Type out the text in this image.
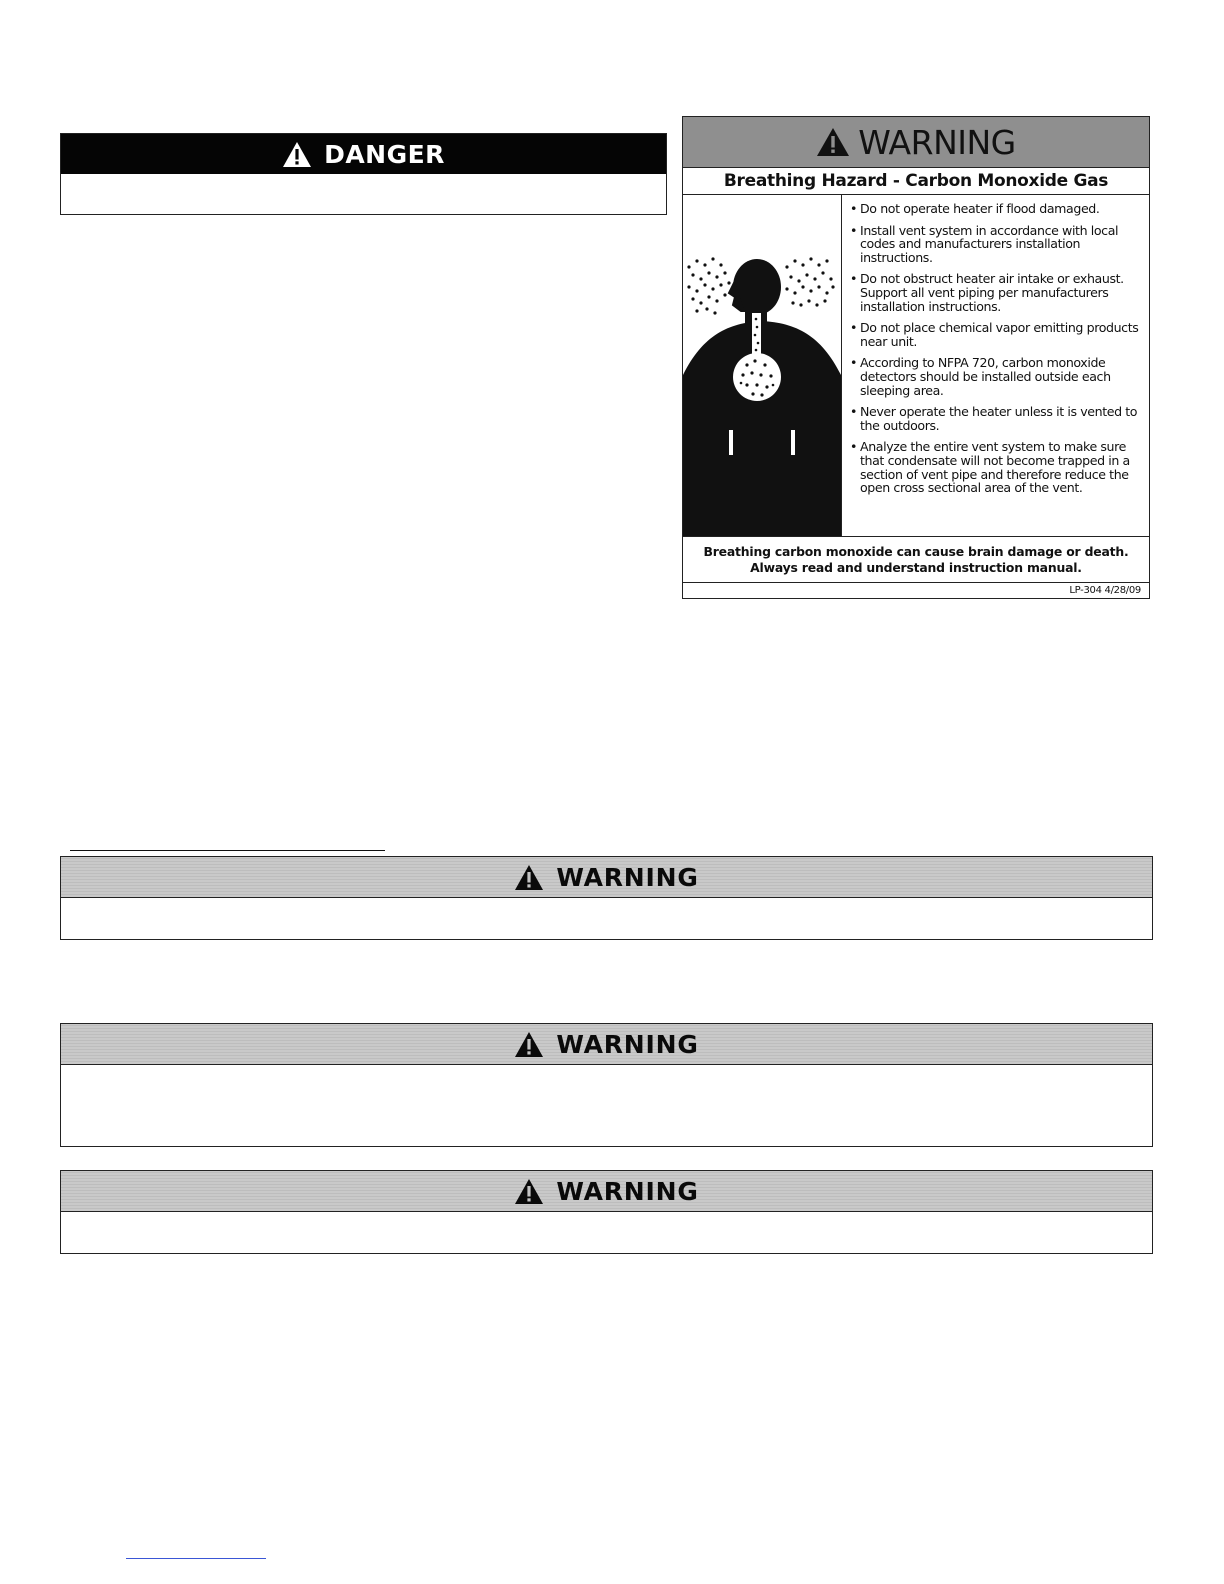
DANGER	WARNING
Breathing Hazard - Carbon Monoxide Gas
• Do not operate heater if flood damaged.
• Install vent system in accordance with local codes and manufacturers installation instructions.
• Do not obstruct heater air intake or exhaust. Support all vent piping per manufacturers installation instructions.
• Do not place chemical vapor emitting products near unit.
• According to NFPA 720, carbon monoxide detectors should be installed outside each sleeping area.
• Never operate the heater unless it is vented to the outdoors.
• Analyze the entire vent system to make sure that condensate will not become trapped in a section of vent pipe and therefore reduce the open cross sectional area of the vent.
Breathing carbon monoxide can cause brain damage or death.
Always read and understand instruction manual.
LP-304 4/28/09
WARNING
WARNING
WARNING
